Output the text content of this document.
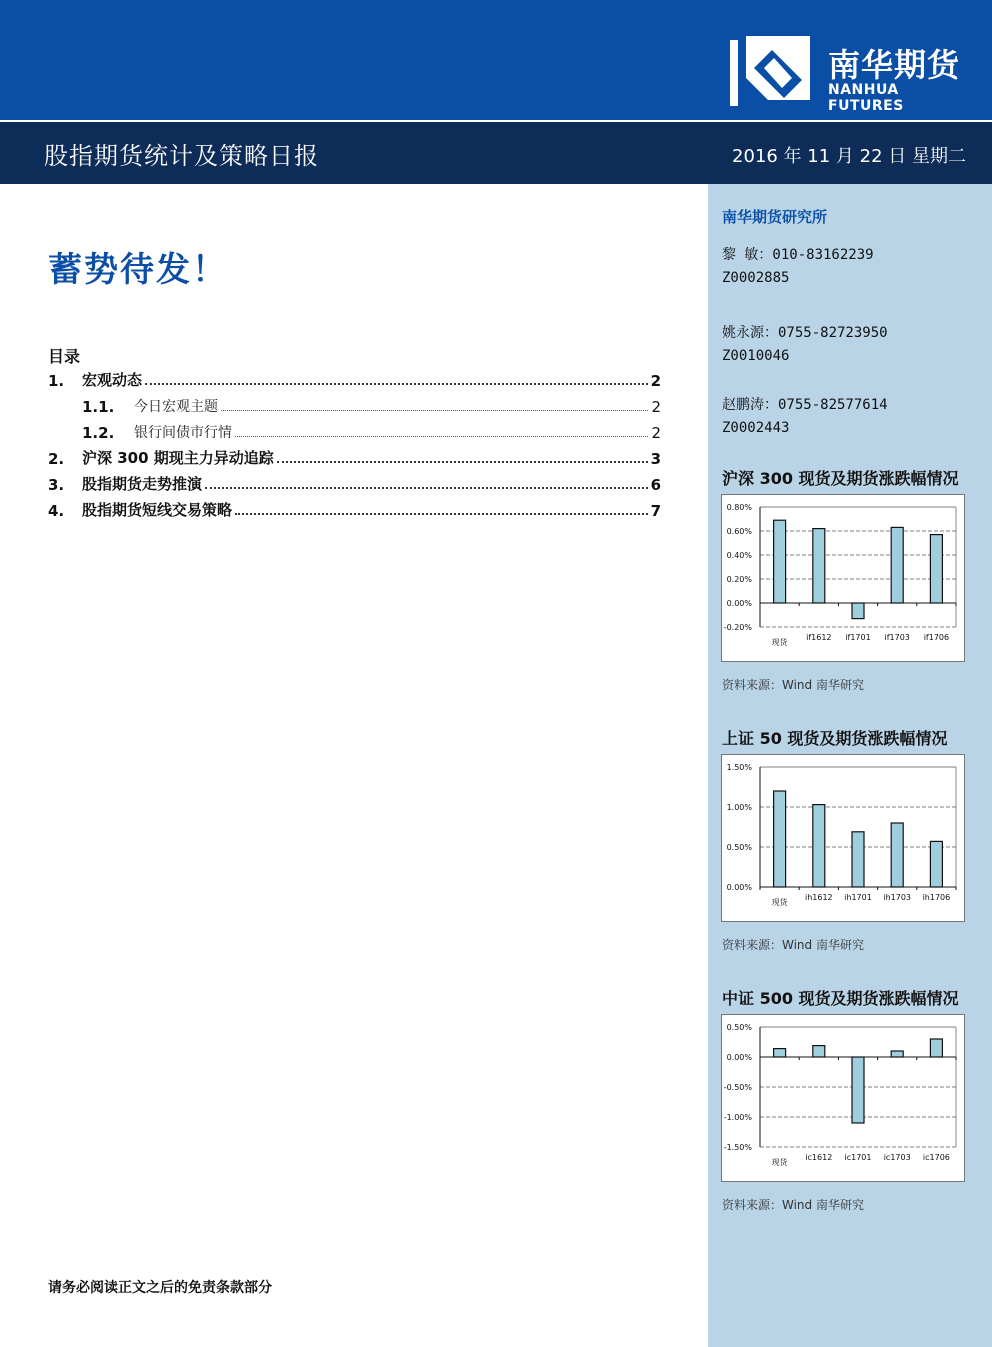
南华期货
NANHUA FUTURES
股指期货统计及策略日报	2016 年 11 月 22 日 星期二
蓄势待发！
目录
1.	宏观动态	2
1.1.	今日宏观主题	2
1.2.	银行间债市行情	2
2.	沪深 300 期现主力异动追踪	3
3.	股指期货走势推演	6
4.	股指期货短线交易策略	7
请务必阅读正文之后的免责条款部分
南华期货研究所
黎 敏：010-83162239
Z0002885
姚永源：0755-82723950
Z0010046
赵鹏涛：0755-82577614
Z0002443
沪深 300 现货及期货涨跌幅情况
0.80%
0.60%
0.40%
0.20%
0.00%
-0.20%
现货
if1612 if1701 if1703 if1706
资料来源：Wind 南华研究
上证 50 现货及期货涨跌幅情况
1.50%
1.00%
0.50%
0.00%
现货
ih1612 ih1701 ih1703 ih1706
资料来源：Wind 南华研究
中证 500 现货及期货涨跌幅情况
0.50%
0.00%
-0.50%
-1.00%
-1.50%
现货
ic1612 ic1701 ic1703 ic1706
资料来源：Wind 南华研究
